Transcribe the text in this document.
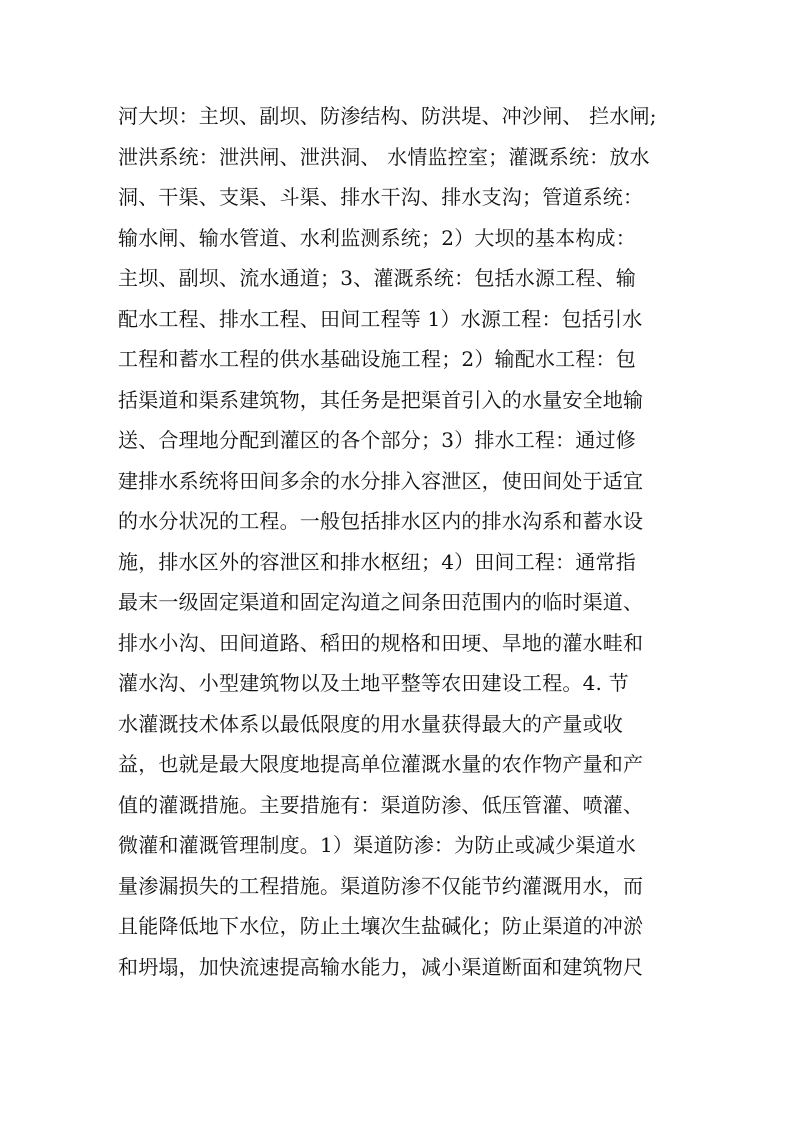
河大坝：主坝、副坝、防渗结构、防洪堤、冲沙闸、 拦水闸;
泄洪系统：泄洪闸、泄洪洞、 水情监控室；灌溉系统：放水
洞、干渠、支渠、斗渠、排水干沟、排水支沟；管道系统：
输水闸、输水管道、水利监测系统；2）大坝的基本构成：
主坝、副坝、流水通道；3、灌溉系统：包括水源工程、输
配水工程、排水工程、田间工程等 1）水源工程：包括引水
工程和蓄水工程的供水基础设施工程；2）输配水工程：包
括渠道和渠系建筑物，其任务是把渠首引入的水量安全地输
送、合理地分配到灌区的各个部分；3）排水工程：通过修
建排水系统将田间多余的水分排入容泄区，使田间处于适宜
的水分状况的工程。一般包括排水区内的排水沟系和蓄水设
施，排水区外的容泄区和排水枢纽；4）田间工程：通常指
最末一级固定渠道和固定沟道之间条田范围内的临时渠道、
排水小沟、田间道路、稻田的规格和田埂、旱地的灌水畦和
灌水沟、小型建筑物以及土地平整等农田建设工程。4. 节
水灌溉技术体系以最低限度的用水量获得最大的产量或收
益，也就是最大限度地提高单位灌溉水量的农作物产量和产
值的灌溉措施。主要措施有：渠道防渗、低压管灌、喷灌、
微灌和灌溉管理制度。1）渠道防渗：为防止或减少渠道水
量渗漏损失的工程措施。渠道防渗不仅能节约灌溉用水，而
且能降低地下水位，防止土壤次生盐碱化；防止渠道的冲淤
和坍塌，加快流速提高输水能力，减小渠道断面和建筑物尺
